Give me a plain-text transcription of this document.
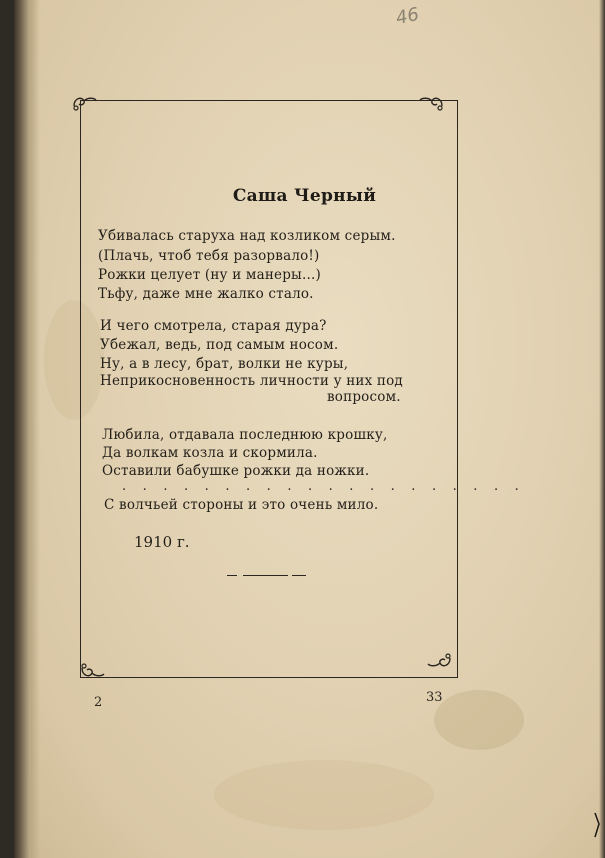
46
Саша Черный
Убивалась старуха над козликом серым.
(Плачь, чтоб тебя разорвало!)
Рожки целует (ну и манеры...)
Тьфу, даже мне жалко стало.
И чего смотрела, старая дура?
Убежал, ведь, под самым носом.
Ну, а в лесу, брат, волки не куры,
Неприкосновенность личности у них под
вопросом.
Любила, отдавала последнюю крошку,
Да волкам козла и скормила.
Оставили бабушке рожки да ножки.
. . . . . . . . . . . . . . . . . . . .
С волчьей стороны и это очень мило.
1910 г.
2	33
